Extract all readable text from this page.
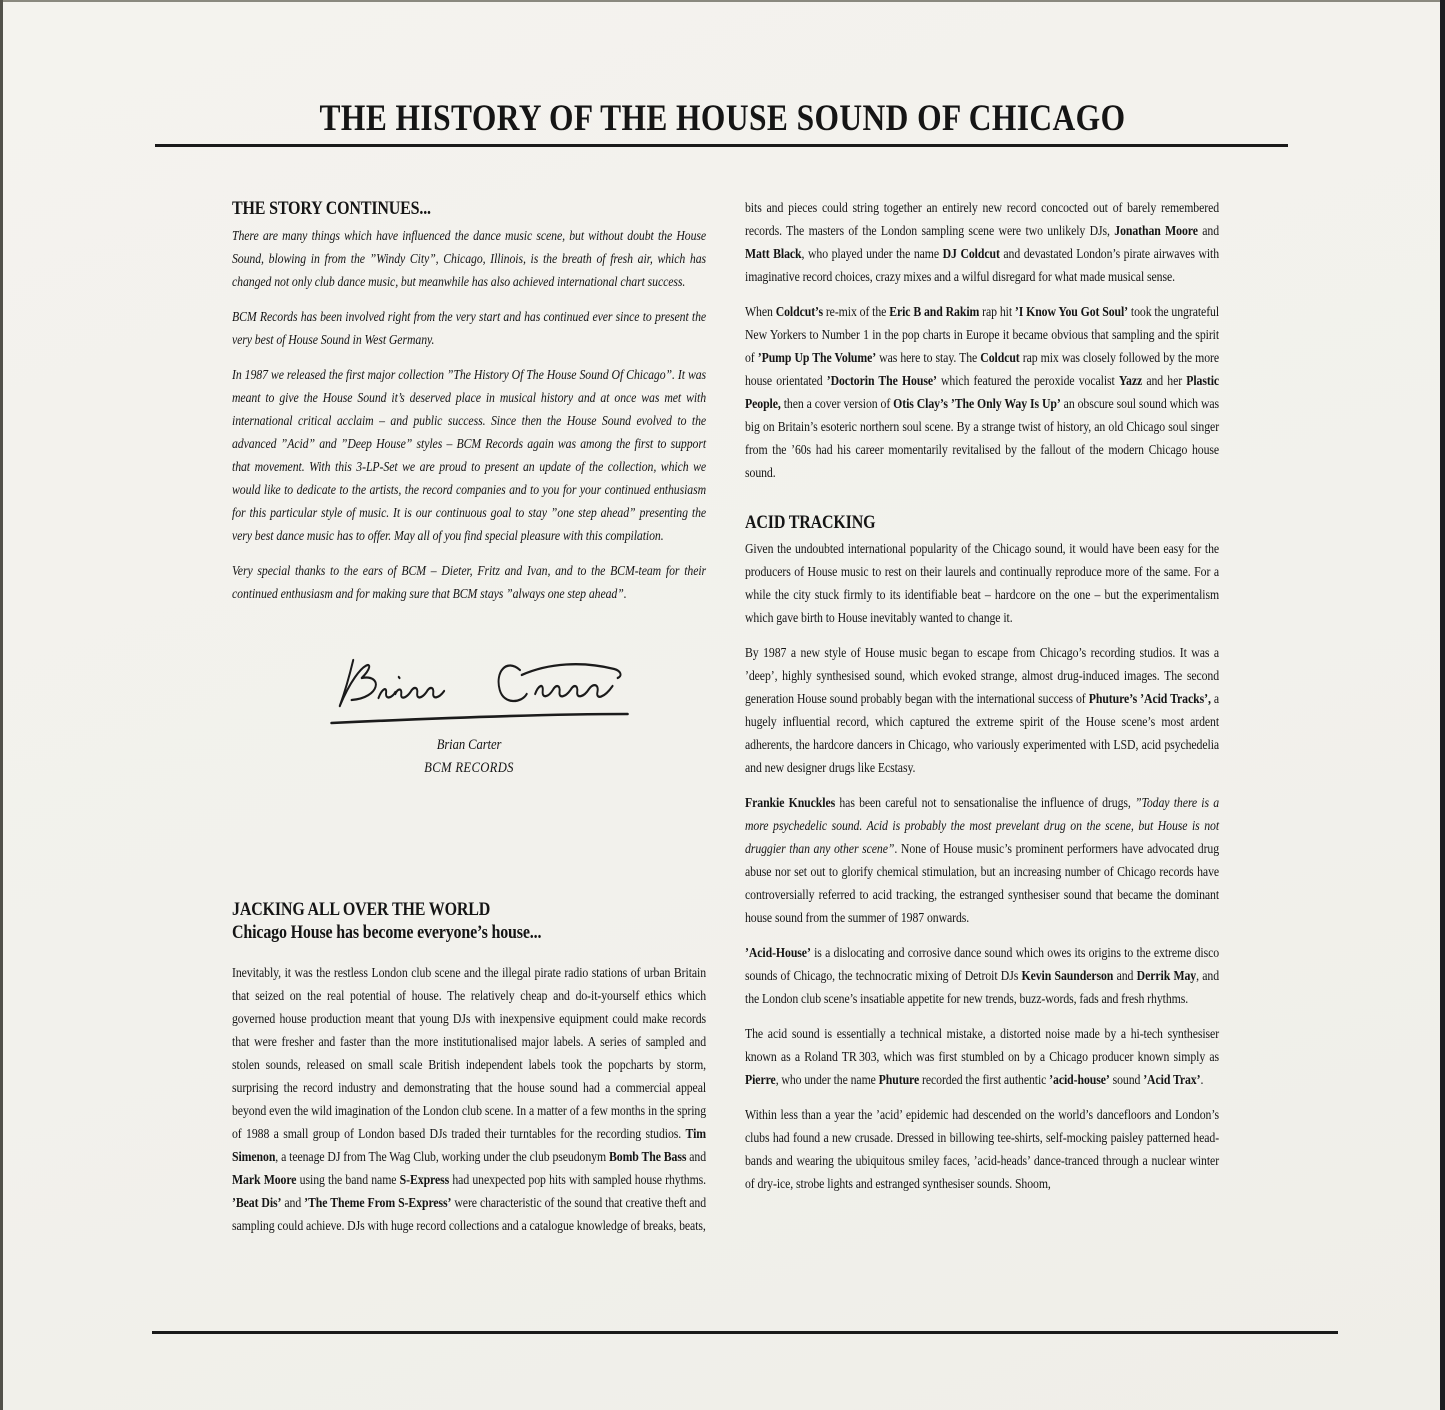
THE HISTORY OF THE HOUSE SOUND OF CHICAGO
THE STORY CONTINUES...

There are many things which have influenced the dance music scene, but without doubt the House Sound, blowing in from the ”Windy City”, Chicago, Illinois, is the breath of fresh air, which has changed not only club dance music, but meanwhile has also achieved international chart success.

BCM Records has been involved right from the very start and has continued ever since to present the very best of House Sound in West Germany.

In 1987 we released the first major collection ”The History Of The House Sound Of Chicago”. It was meant to give the House Sound it’s deserved place in musical history and at once was met with international critical acclaim – and public success. Since then the House Sound evolved to the advanced ”Acid” and ”Deep House” styles – BCM Records again was among the first to support that movement. With this 3-LP-Set we are proud to present an update of the collection, which we would like to dedicate to the artists, the record companies and to you for your continued enthusiasm for this particular style of music. It is our continuous goal to stay ”one step ahead” presenting the very best dance music has to offer. May all of you find special pleasure with this compilation.

Very special thanks to the ears of BCM – Dieter, Fritz and Ivan, and to the BCM-team for their continued enthusiasm and for making sure that BCM stays ”always one step ahead”.

Brian Carter
BCM RECORDS
JACKING ALL OVER THE WORLD
Chicago House has become everyone’s house...

Inevitably, it was the restless London club scene and the illegal pirate radio stations of urban Britain that seized on the real potential of house. The relatively cheap and do-it-yourself ethics which governed house production meant that young DJs with inexpensive equipment could make records that were fresher and faster than the more institutionalised major labels. A series of sampled and stolen sounds, released on small scale British independent labels took the popcharts by storm, surprising the record industry and demonstrating that the house sound had a commercial appeal beyond even the wild imagination of the London club scene. In a matter of a few months in the spring of 1988 a small group of London based DJs traded their turntables for the recording studios. Tim Simenon, a teenage DJ from The Wag Club, working under the club pseudonym Bomb The Bass and Mark Moore using the band name S-Express had unexpected pop hits with sampled house rhythms. ’Beat Dis’ and ’The Theme From S-Express’ were characteristic of the sound that creative theft and sampling could achieve. DJs with huge record collections and a catalogue knowledge of breaks, beats,

bits and pieces could string together an entirely new record concocted out of barely remembered records. The masters of the London sampling scene were two unlikely DJs, Jonathan Moore and Matt Black, who played under the name DJ Coldcut and devastated London’s pirate airwaves with imaginative record choices, crazy mixes and a wilful disregard for what made musical sense.

When Coldcut’s re-mix of the Eric B and Rakim rap hit ’I Know You Got Soul’ took the ungrateful New Yorkers to Number 1 in the pop charts in Europe it became obvious that sampling and the spirit of ’Pump Up The Volume’ was here to stay. The Coldcut rap mix was closely followed by the more house orientated ’Doctorin The House’ which featured the peroxide vocalist Yazz and her Plastic People, then a cover version of Otis Clay’s ’The Only Way Is Up’ an obscure soul sound which was big on Britain’s esoteric northern soul scene. By a strange twist of history, an old Chicago soul singer from the ’60s had his career momentarily revitalised by the fallout of the modern Chicago house sound.

ACID TRACKING

Given the undoubted international popularity of the Chicago sound, it would have been easy for the producers of House music to rest on their laurels and continually reproduce more of the same. For a while the city stuck firmly to its identifiable beat – hardcore on the one – but the experimentalism which gave birth to House inevitably wanted to change it.

By 1987 a new style of House music began to escape from Chicago’s recording studios. It was a ’deep’, highly synthesised sound, which evoked strange, almost drug-induced images. The second generation House sound probably began with the international success of Phuture’s ’Acid Tracks’, a hugely influential record, which captured the extreme spirit of the House scene’s most ardent adherents, the hardcore dancers in Chicago, who variously experimented with LSD, acid psychedelia and new designer drugs like Ecstasy.

Frankie Knuckles has been careful not to sensationalise the influence of drugs, ”Today there is a more psychedelic sound. Acid is probably the most prevelant drug on the scene, but House is not druggier than any other scene”. None of House music’s prominent performers have advocated drug abuse nor set out to glorify chemical stimulation, but an increasing number of Chicago records have controversially referred to acid tracking, the estranged synthesiser sound that became the dominant house sound from the summer of 1987 onwards.

’Acid-House’ is a dislocating and corrosive dance sound which owes its origins to the extreme disco sounds of Chicago, the technocratic mixing of Detroit DJs Kevin Saunderson and Derrik May, and the London club scene’s insatiable appetite for new trends, buzz-words, fads and fresh rhythms.

The acid sound is essentially a technical mistake, a distorted noise made by a hi-tech synthesiser known as a Roland TR 303, which was first stumbled on by a Chicago producer known simply as Pierre, who under the name Phuture recorded the first authentic ’acid-house’ sound ’Acid Trax’.

Within less than a year the ’acid’ epidemic had descended on the world’s dancefloors and London’s clubs had found a new crusade. Dressed in billowing tee-shirts, self-mocking paisley patterned head-bands and wearing the ubiquitous smiley faces, ’acid-heads’ dance-tranced through a nuclear winter of dry-ice, strobe lights and estranged synthesiser sounds. Shoom,
